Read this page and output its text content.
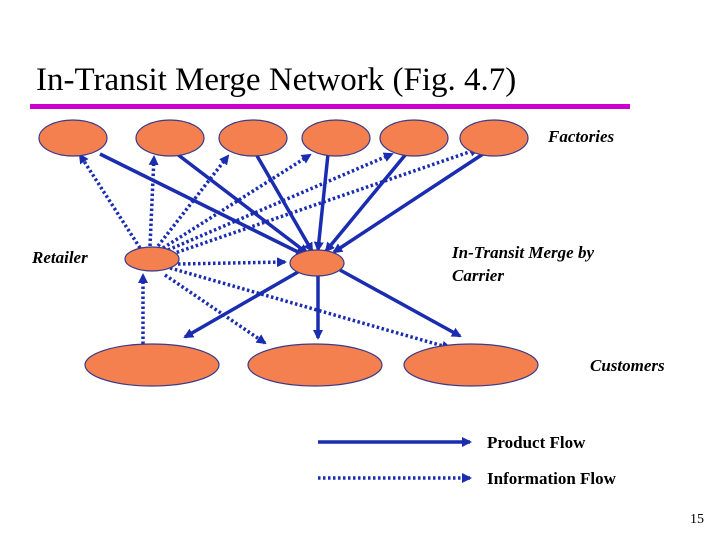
In-Transit Merge Network (Fig. 4.7)
Factories
Retailer	In-Transit Merge by
Carrier
Customers
Product Flow
Information Flow
15
